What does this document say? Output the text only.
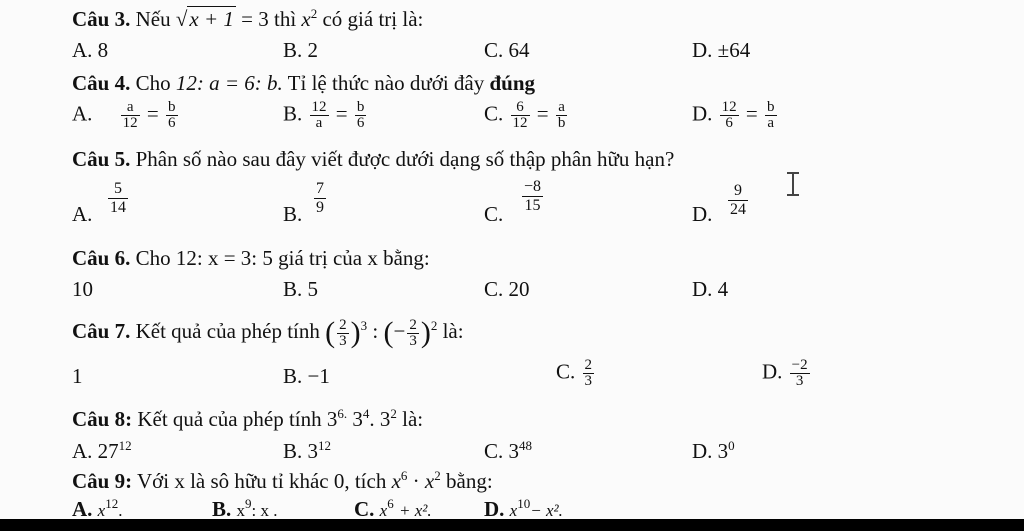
Câu 3. Nếu √x + 1 = 3 thì $x^2$ có giá trị là:
A. 8	B. 2	C. 64	D. ±64
Câu 4. Cho 12: a = 6: b. Tỉ lệ thức nào dưới đây đúng
A. $\frac{a}{12} = \frac{b}{6}$	B. $\frac{12}{a} = \frac{b}{6}$	C. $\frac{6}{12} = \frac{a}{b}$	D. $\frac{12}{6} = \frac{b}{a}$
Câu 5. Phân số nào sau đây viết được dưới dạng số thập phân hữu hạn?
A. $\frac{5}{14}$	B. $\frac{7}{9}$	C. $\frac{-8}{15}$	D. $\frac{9}{24}$
Câu 6. Cho 12: x = 3: 5 giá trị của x bằng:
10	B. 5	C. 20	D. 4
Câu 7. Kết quả của phép tính ( $\frac{2}{3} )^3$ : (− $\frac{2}{3} )^2$ là:
1	B. −1	C. $\frac{2}{3}$	D. $\frac{-2}{3}$
Câu 8: Kết quả của phép tính $3^{6.}$ $3^4$. $3^2$ là:
A. $27^{12}$	B. $3^{12}$	C. $3^{48}$	D. $3^0$
Câu 9: Với x là sô hữu tỉ khác 0, tích $x^6 \cdot x^2$ bằng:
A. $x^{12}$.	B. $x^9$: x .	C. $x^6 + x^2$. D. $x^{10}- x^2$.
